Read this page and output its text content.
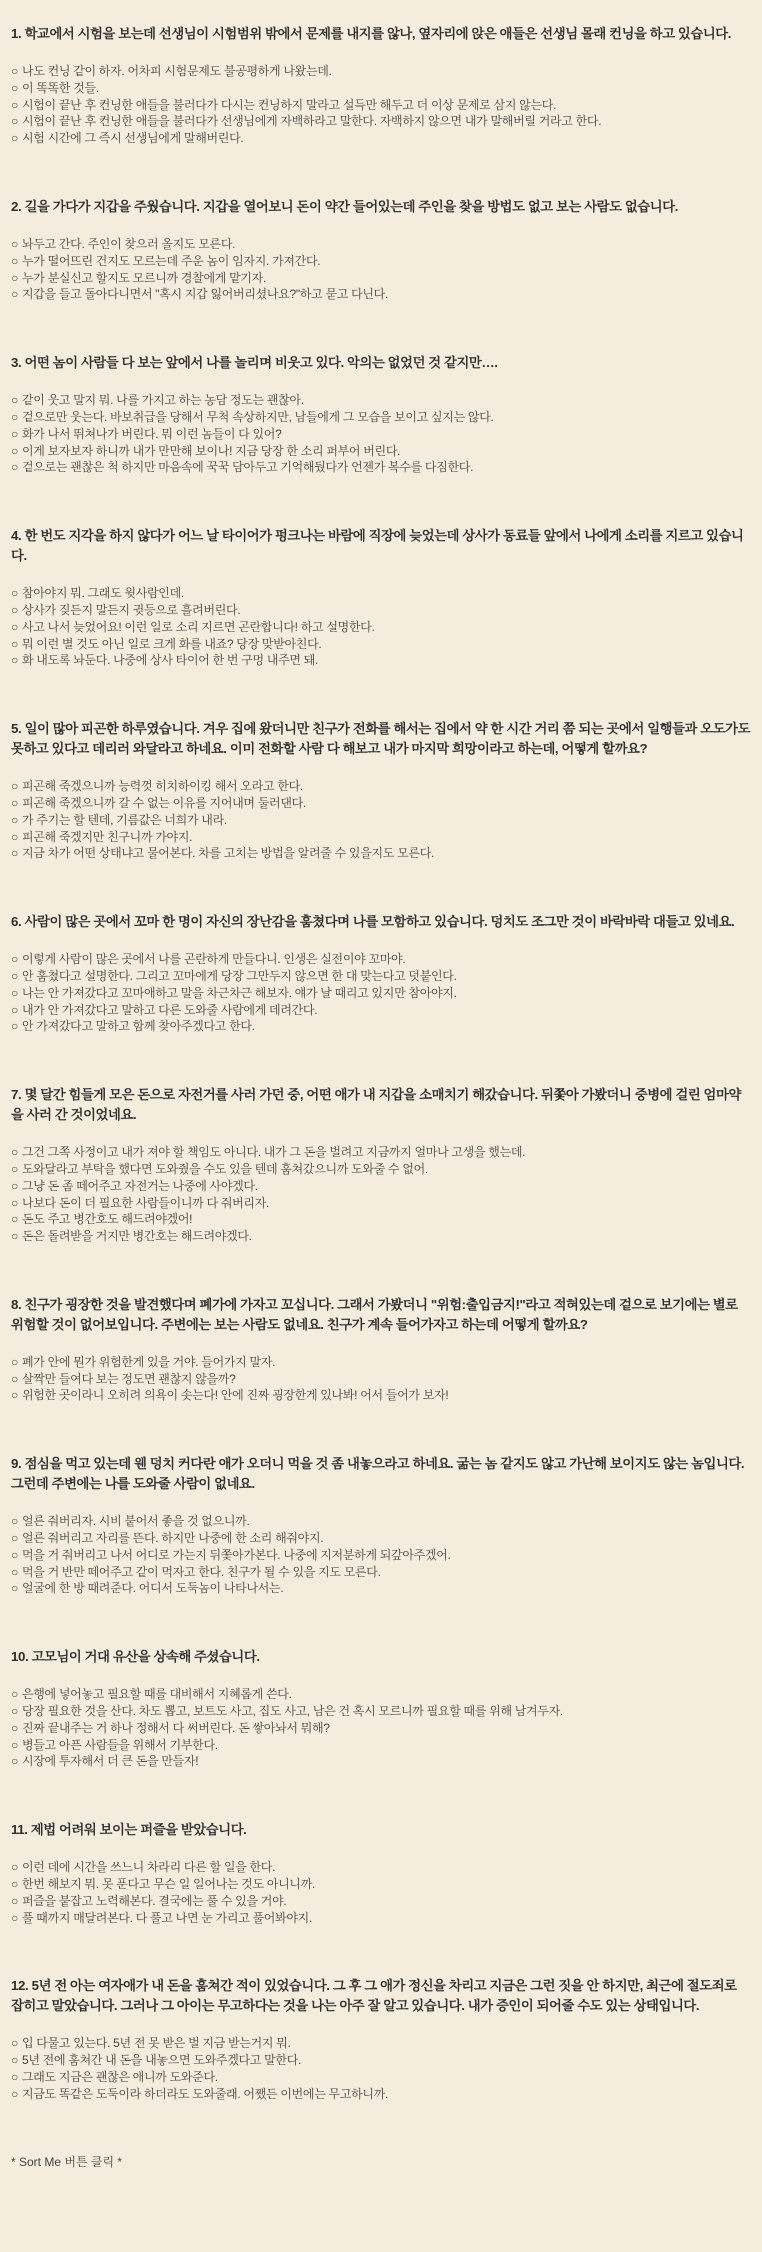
1. 학교에서 시험을 보는데 선생님이 시험범위 밖에서 문제를 내지를 않나, 옆자리에 앉은 애들은 선생님 몰래 컨닝을 하고 있습니다.
○ 나도 컨닝 같이 하자. 어차피 시험문제도 불공평하게 나왔는데.
○ 이 똑똑한 것들.
○ 시험이 끝난 후 컨닝한 애들을 불러다가 다시는 컨닝하지 말라고 설득만 해두고 더 이상 문제로 삼지 않는다.
○ 시험이 끝난 후 컨닝한 애들을 불러다가 선생님에게 자백하라고 말한다. 자백하지 않으면 내가 말해버릴 거라고 한다.
○ 시험 시간에 그 즉시 선생님에게 말해버린다.
2. 길을 가다가 지갑을 주웠습니다. 지갑을 열어보니 돈이 약간 들어있는데 주인을 찾을 방법도 없고 보는 사람도 없습니다.
○ 놔두고 간다. 주인이 찾으러 올지도 모른다.
○ 누가 떨어뜨린 건지도 모르는데 주운 놈이 임자지. 가져간다.
○ 누가 분실신고 할지도 모르니까 경찰에게 맡기자.
○ 지갑을 들고 돌아다니면서 "혹시 지갑 잃어버리셨나요?"하고 묻고 다닌다.
3. 어떤 놈이 사람들 다 보는 앞에서 나를 놀리며 비웃고 있다. 악의는 없었던 것 같지만….
○ 같이 웃고 말지 뭐. 나를 가지고 하는 농담 정도는 괜찮아.
○ 겉으로만 웃는다. 바보취급을 당해서 무척 속상하지만, 남들에게 그 모습을 보이고 싶지는 않다.
○ 화가 나서 뛰쳐나가 버린다. 뭐 이런 놈들이 다 있어?
○ 이게 보자보자 하니까 내가 만만해 보이나! 지금 당장 한 소리 퍼부어 버린다.
○ 겉으로는 괜찮은 척 하지만 마음속에 꾹꾹 담아두고 기억해뒀다가 언젠가 복수를 다짐한다.
4. 한 번도 지각을 하지 않다가 어느 날 타이어가 펑크나는 바람에 직장에 늦었는데 상사가 동료들 앞에서 나에게 소리를 지르고 있습니다.
○ 참아야지 뭐. 그래도 윗사람인데.
○ 상사가 짖든지 말든지 귓등으로 흘려버린다.
○ 사고 나서 늦었어요! 이런 일로 소리 지르면 곤란합니다! 하고 설명한다.
○ 뭐 이런 별 것도 아닌 일로 크게 화를 내죠? 당장 맞받아친다.
○ 화 내도록 놔둔다. 나중에 상사 타이어 한 번 구멍 내주면 돼.
5. 일이 많아 피곤한 하루였습니다. 겨우 집에 왔더니만 친구가 전화를 해서는 집에서 약 한 시간 거리 쯤 되는 곳에서 일행들과 오도가도 못하고 있다고 데리러 와달라고 하네요. 이미 전화할 사람 다 해보고 내가 마지막 희망이라고 하는데, 어떻게 할까요?
○ 피곤해 죽겠으니까 능력껏 히치하이킹 해서 오라고 한다.
○ 피곤해 죽겠으니까 갈 수 없는 이유를 지어내며 둘러댄다.
○ 가 주기는 할 텐데, 기름값은 너희가 내라.
○ 피곤해 죽겠지만 친구니까 가야지.
○ 지금 차가 어떤 상태냐고 물어본다. 차를 고치는 방법을 알려줄 수 있을지도 모른다.
6. 사람이 많은 곳에서 꼬마 한 명이 자신의 장난감을 훔쳤다며 나를 모함하고 있습니다. 덩치도 조그만 것이 바락바락 대들고 있네요.
○ 이렇게 사람이 많은 곳에서 나를 곤란하게 만들다니. 인생은 실전이야 꼬마야.
○ 안 훔쳤다고 설명한다. 그리고 꼬마에게 당장 그만두지 않으면 한 대 맞는다고 덧붙인다.
○ 나는 안 가져갔다고 꼬마애하고 말을 차근차근 해보자. 얘가 날 때리고 있지만 참아야지.
○ 내가 안 가져갔다고 말하고 다른 도와줄 사람에게 데려간다.
○ 안 가져갔다고 말하고 함께 찾아주겠다고 한다.
7. 몇 달간 힘들게 모은 돈으로 자전거를 사러 가던 중, 어떤 애가 내 지갑을 소매치기 해갔습니다. 뒤쫓아 가봤더니 중병에 걸린 엄마약을 사러 간 것이었네요.
○ 그건 그쪽 사정이고 내가 져야 할 책임도 아니다. 내가 그 돈을 벌려고 지금까지 얼마나 고생을 했는데.
○ 도와달라고 부탁을 했다면 도와줬을 수도 있을 텐데 훔쳐갔으니까 도와줄 수 없어.
○ 그냥 돈 좀 떼어주고 자전거는 나중에 사야겠다.
○ 나보다 돈이 더 필요한 사람들이니까 다 줘버리자.
○ 돈도 주고 병간호도 해드려야겠어!
○ 돈은 돌려받을 거지만 병간호는 해드려야겠다.
8. 친구가 굉장한 것을 발견했다며 폐가에 가자고 꼬십니다. 그래서 가봤더니 "위험:출입금지!"라고 적혀있는데 겉으로 보기에는 별로 위험할 것이 없어보입니다. 주변에는 보는 사람도 없네요. 친구가 계속 들어가자고 하는데 어떻게 할까요?
○ 폐가 안에 뭔가 위험한게 있을 거야. 들어가지 말자.
○ 살짝만 들여다 보는 정도면 괜찮지 않을까?
○ 위험한 곳이라니 오히려 의욕이 솟는다! 안에 진짜 굉장한게 있나봐! 어서 들어가 보자!
9. 점심을 먹고 있는데 웬 덩치 커다란 애가 오더니 먹을 것 좀 내놓으라고 하네요. 굶는 놈 같지도 않고 가난해 보이지도 않는 놈입니다. 그런데 주변에는 나를 도와줄 사람이 없네요.
○ 얼른 줘버리자. 시비 붙어서 좋을 것 없으니까.
○ 얼른 줘버리고 자리를 뜬다. 하지만 나중에 한 소리 해줘야지.
○ 먹을 거 줘버리고 나서 어디로 가는지 뒤쫓아가본다. 나중에 지저분하게 되갚아주겠어.
○ 먹을 거 반만 떼어주고 같이 먹자고 한다. 친구가 될 수 있을 지도 모른다.
○ 얼굴에 한 방 때려준다. 어디서 도둑놈이 나타나서는.
10. 고모님이 거대 유산을 상속해 주셨습니다.
○ 은행에 넣어놓고 필요할 때를 대비해서 지혜롭게 쓴다.
○ 당장 필요한 것을 산다. 차도 뽑고, 보트도 사고, 집도 사고, 남은 건 혹시 모르니까 필요할 때를 위해 남겨두자.
○ 진짜 끝내주는 거 하나 정해서 다 써버린다. 돈 쌓아놔서 뭐해?
○ 병들고 아픈 사람들을 위해서 기부한다.
○ 시장에 투자해서 더 큰 돈을 만들자!
11. 제법 어려워 보이는 퍼즐을 받았습니다.
○ 이런 데에 시간을 쓰느니 차라리 다른 할 일을 한다.
○ 한번 해보지 뭐. 못 푼다고 무슨 일 일어나는 것도 아니니까.
○ 퍼즐을 붙잡고 노력해본다. 결국에는 풀 수 있을 거야.
○ 풀 때까지 매달려본다. 다 풀고 나면 눈 가리고 풀어봐야지.
12. 5년 전 아는 여자애가 내 돈을 훔쳐간 적이 있었습니다. 그 후 그 애가 정신을 차리고 지금은 그런 짓을 안 하지만, 최근에 절도죄로 잡히고 말았습니다. 그러나 그 아이는 무고하다는 것을 나는 아주 잘 알고 있습니다. 내가 증인이 되어줄 수도 있는 상태입니다.
○ 입 다물고 있는다. 5년 전 못 받은 벌 지금 받는거지 뭐.
○ 5년 전에 훔쳐간 내 돈을 내놓으면 도와주겠다고 말한다.
○ 그래도 지금은 괜찮은 애니까 도와준다.
○ 지금도 똑같은 도둑이라 하더라도 도와줄래. 어쨌든 이번에는 무고하니까.
* Sort Me 버튼 클릭 *
